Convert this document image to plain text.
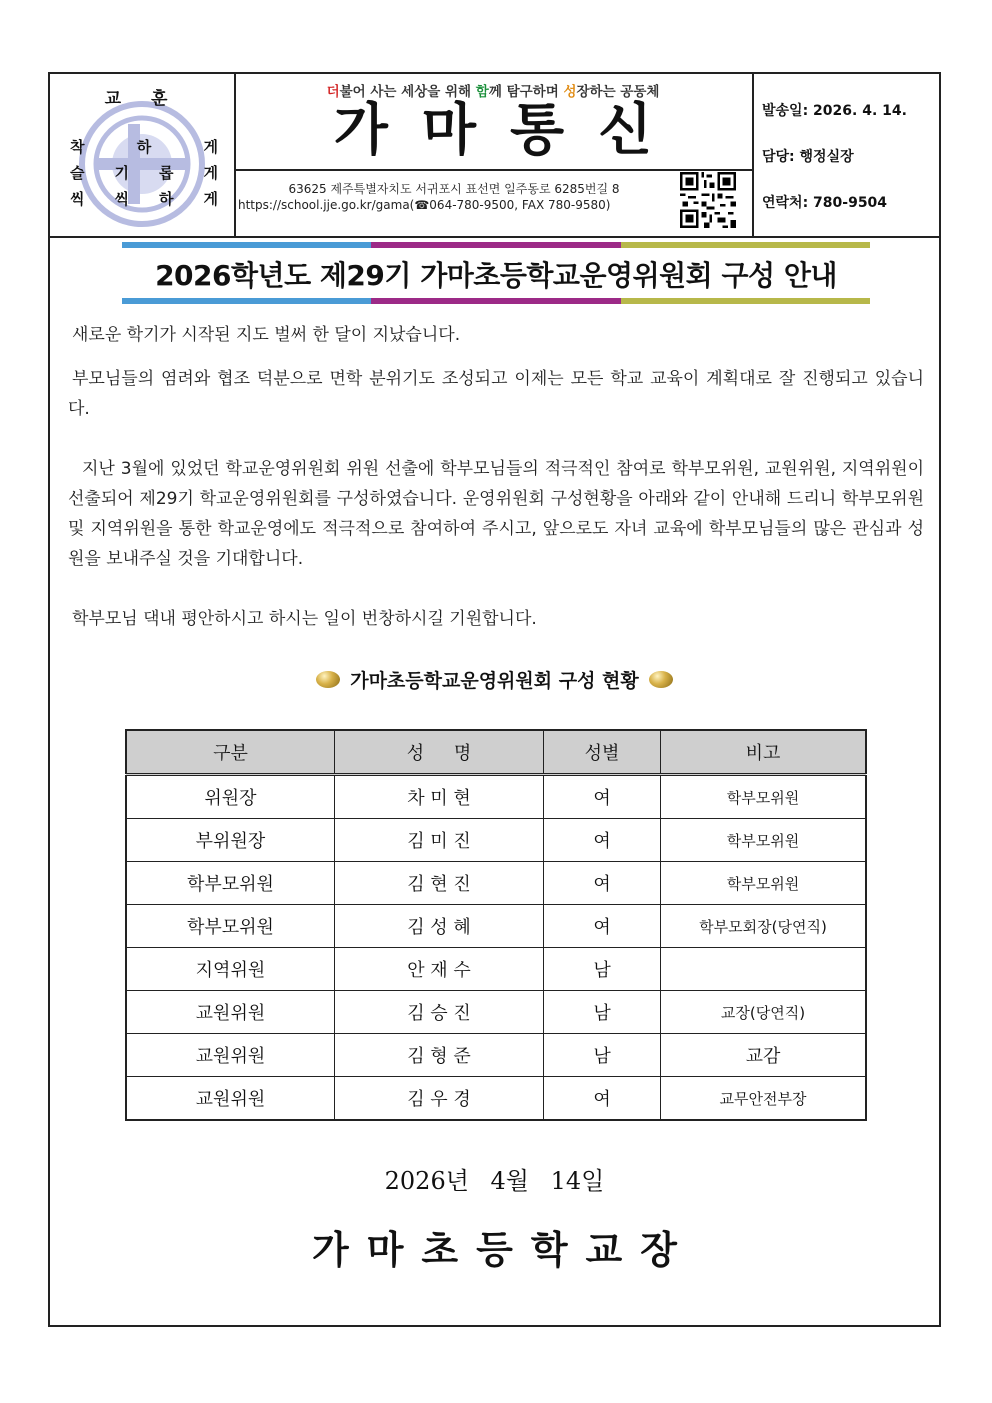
교 훈
착	하	게
슬 기 롭 게
씩 씩 하 게
더불어 사는 세상을 위해 함께 탐구하며 성장하는 공동체
가마통신
63625 제주특별자치도 서귀포시 표선면 일주동로 6285번길 8
https://school.jje.go.kr/gama(☎064-780-9500, FAX 780-9580)
발송일: 2026. 4. 14.
담당: 행정실장
연락처: 780-9504
2026학년도 제29기 가마초등학교운영위원회 구성 안내
새로운 학기가 시작된 지도 벌써 한 달이 지났습니다.
부모님들의 염려와 협조 덕분으로 면학 분위기도 조성되고 이제는 모든 학교 교육이 계획대로 잘 진행되고 있습니다.
지난 3월에 있었던 학교운영위원회 위원 선출에 학부모님들의 적극적인 참여로 학부모위원, 교원위원, 지역위원이 선출되어 제29기 학교운영위원회를 구성하였습니다. 운영위원회 구성현황을 아래와 같이 안내해 드리니 학부모위원 및 지역위원을 통한 학교운영에도 적극적으로 참여하여 주시고, 앞으로도 자녀 교육에 학부모님들의 많은 관심과 성원을 보내주실 것을 기대합니다.
학부모님 댁내 평안하시고 하시는 일이 번창하시길 기원합니다.
가마초등학교운영위원회 구성 현황
구분	성 명	성별	비고
위원장	차 미 현	여	학부모위원
부위원장	김 미 진	여	학부모위원
학부모위원	김 현 진	여	학부모위원
학부모위원	김 성 혜	여	학부모회장(당연직)
지역위원	안 재 수	남	
교원위원	김 승 진	남	교장(당연직)
교원위원	김 형 준	남	교감
교원위원	김 우 경	여	교무안전부장
2026년 4월 14일
가마초등학교장
